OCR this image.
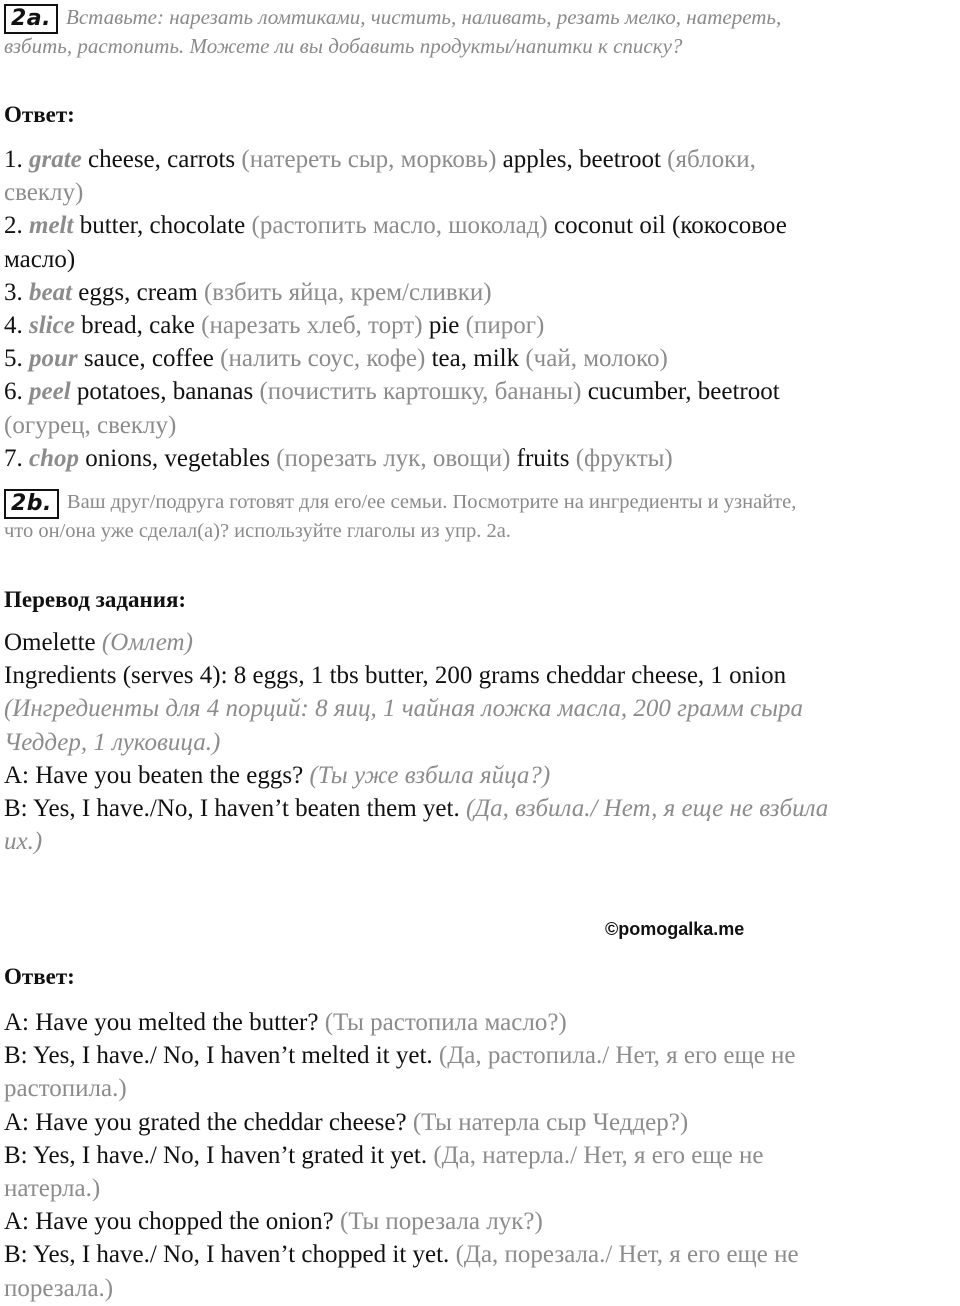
2a. Вставьте: нарезать ломтиками, чистить, наливать, резать мелко, натереть,
взбить, растопить. Можете ли вы добавить продукты/напитки к списку?

Ответ:

1. grate cheese, carrots (натереть сыр, морковь) apples, beetroot (яблоки,

свеклу)

2. melt butter, chocolate (растопить масло, шоколад) coconut oil (кокосовое

масло)

3. beat eggs, cream (взбить яйца, крем/сливки)

4. slice bread, cake (нарезать хлеб, торт) pie (пирог)

5. pour sauce, coffee (налить соус, кофе) tea, milk (чай, молоко)

6. peel potatoes, bananas (почистить картошку, бананы) cucumber, beetroot

(огурец, свеклу)

7. chop onions, vegetables (порезать лук, овощи) fruits (фрукты)

2b. Ваш друг/подруга готовят для его/ее семьи. Посмотрите на ингредиенты и узнайте,
что он/она уже сделал(а)? используйте глаголы из упр. 2а.

Перевод задания:

Omelette (Омлет)

Ingredients (serves 4): 8 eggs, 1 tbs butter, 200 grams cheddar cheese, 1 onion

(Ингредиенты для 4 порций: 8 яиц, 1 чайная ложка масла, 200 грамм сыра

Чеддер, 1 луковица.)

A: Have you beaten the eggs? (Ты уже взбила яйца?)

B: Yes, I have./No, I haven’t beaten them yet. (Да, взбила./ Нет, я еще не взбила

их.)

Ответ:

A: Have you melted the butter? (Ты растопила масло?)

B: Yes, I have./ No, I haven’t melted it yet. (Да, растопила./ Нет, я его еще не

растопила.)

A: Have you grated the cheddar cheese? (Ты натерла сыр Чеддер?)

B: Yes, I have./ No, I haven’t grated it yet. (Да, натерла./ Нет, я его еще не

натерла.)

A: Have you chopped the onion? (Ты порезала лук?)

B: Yes, I have./ No, I haven’t chopped it yet. (Да, порезала./ Нет, я его еще не

порезала.)

©pomogalka.me
